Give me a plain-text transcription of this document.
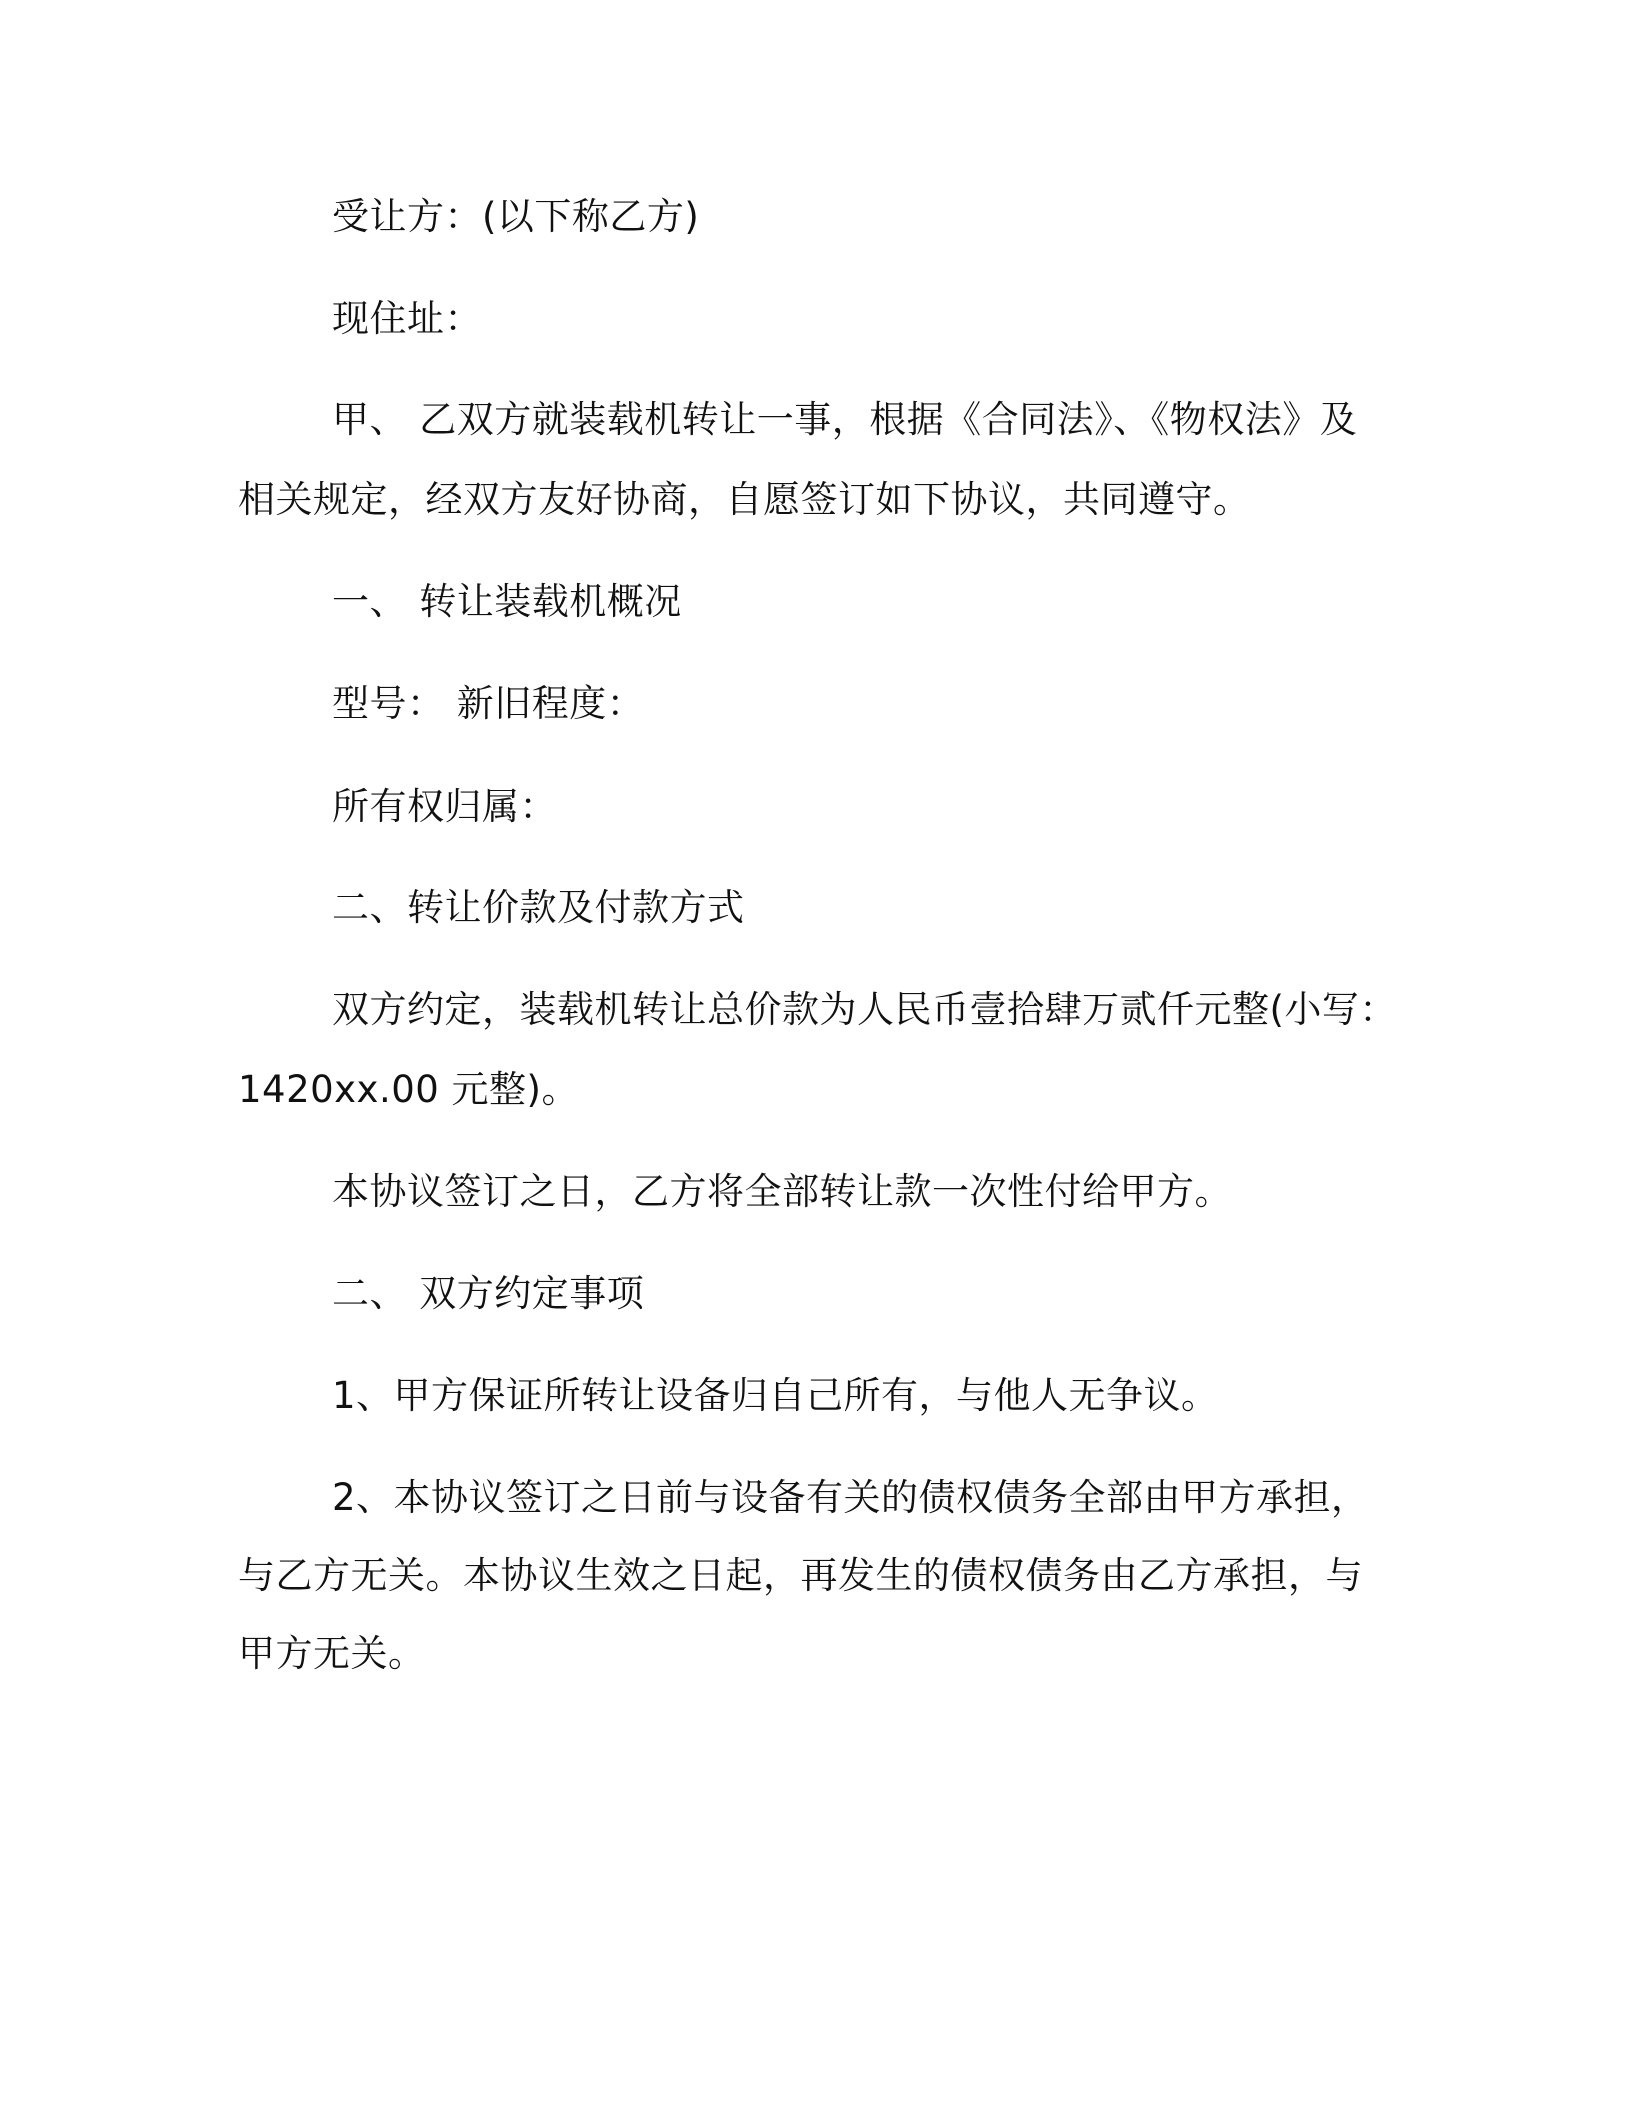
受让方：(以下称乙方)
现住址：
甲、 乙双方就装载机转让一事，根据《合同法》、《物权法》及
相关规定，经双方友好协商，自愿签订如下协议，共同遵守。
一、 转让装载机概况
型号： 新旧程度：
所有权归属：
二、转让价款及付款方式
双方约定，装载机转让总价款为人民币壹拾肆万贰仟元整(小写：
1420xx.00 元整)。
本协议签订之日，乙方将全部转让款一次性付给甲方。
二、 双方约定事项
1、甲方保证所转让设备归自己所有，与他人无争议。
2、本协议签订之日前与设备有关的债权债务全部由甲方承担，
与乙方无关。本协议生效之日起，再发生的债权债务由乙方承担，与
甲方无关。
